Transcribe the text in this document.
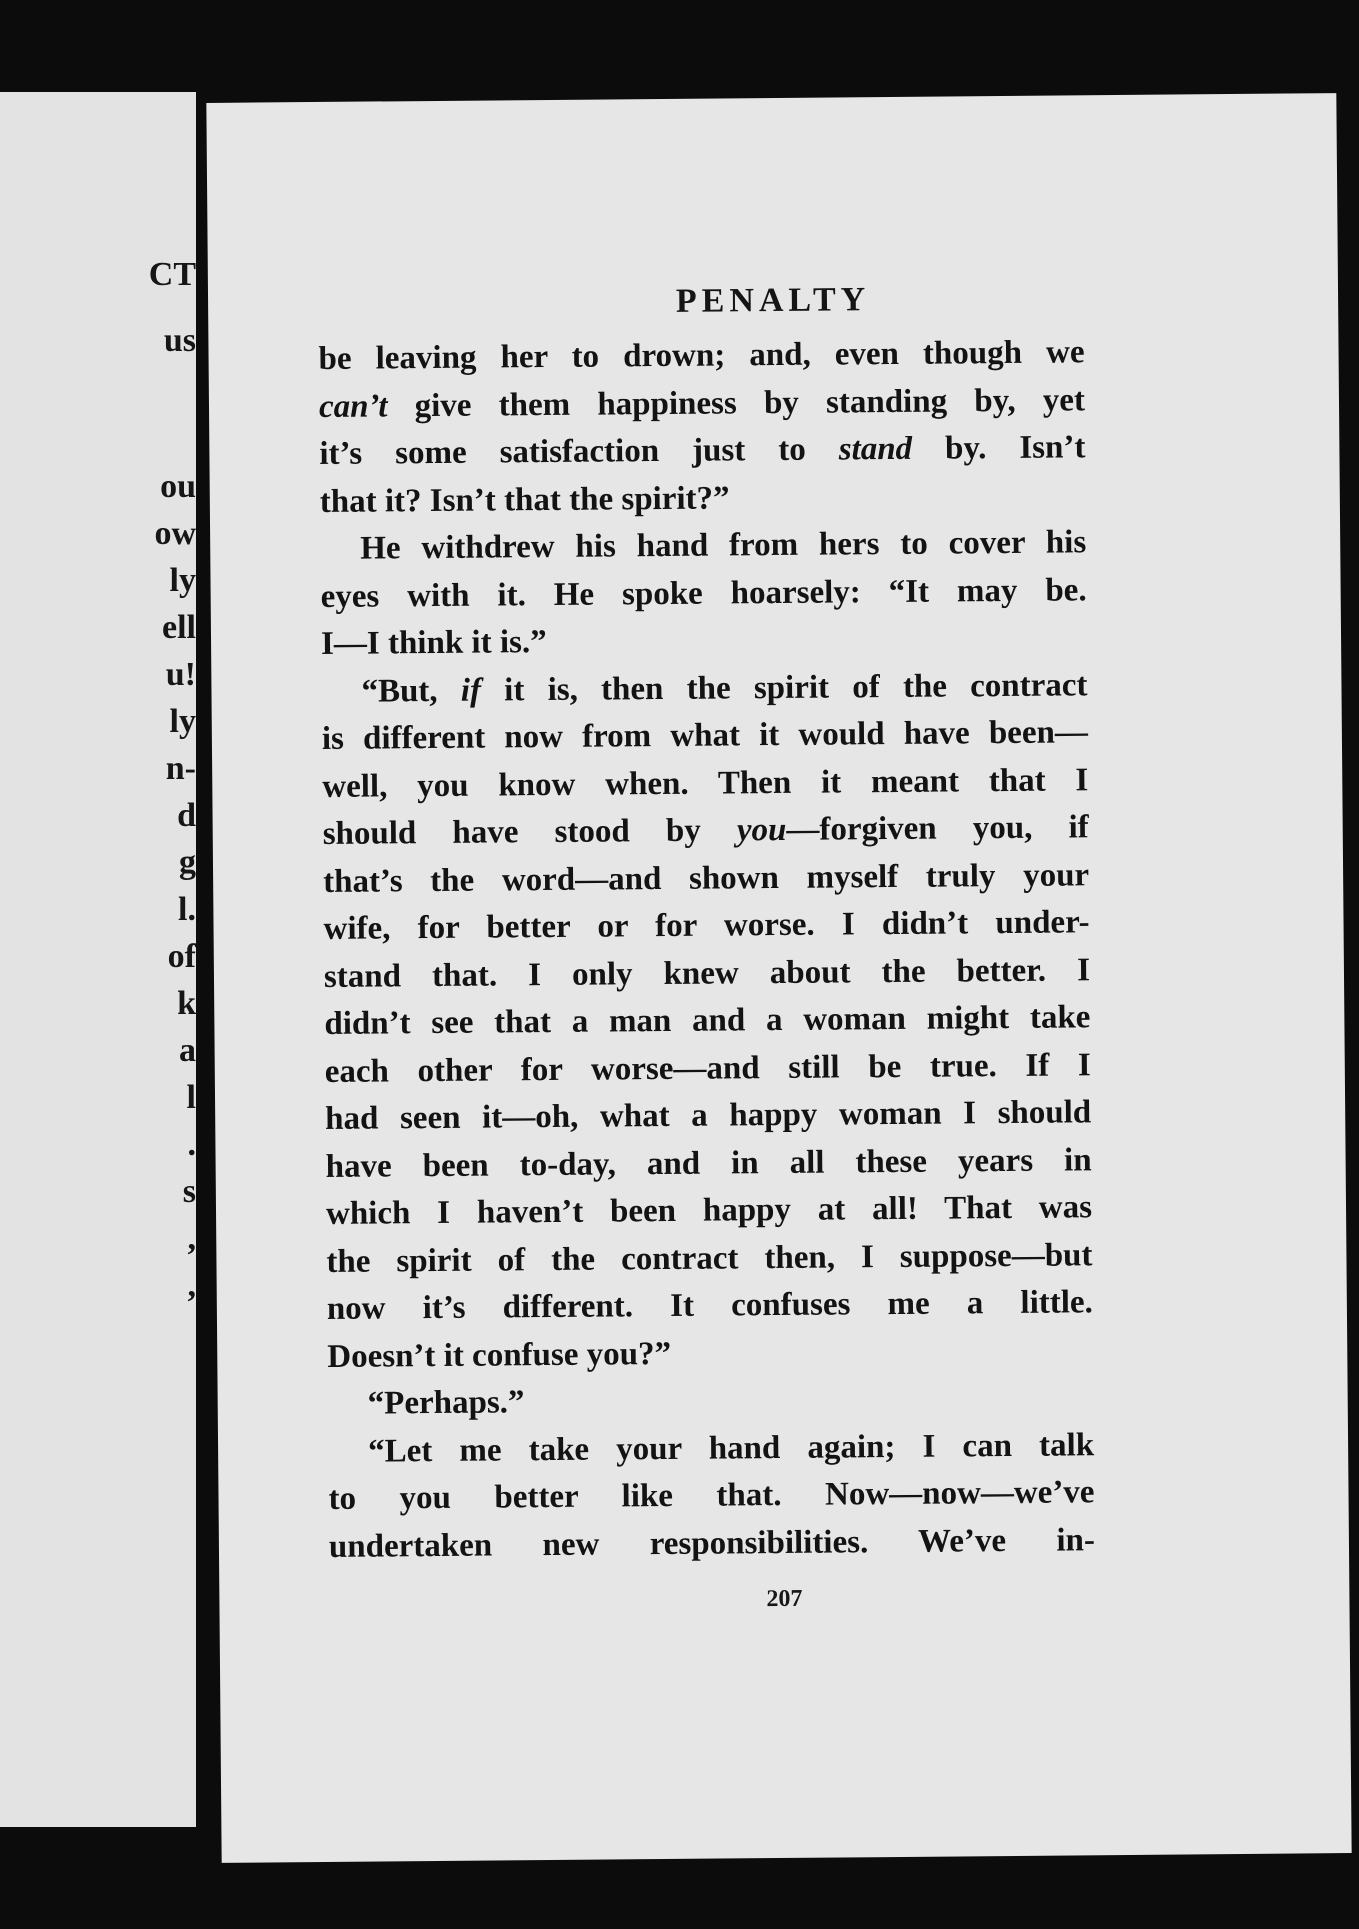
CT
us
ou
ow
ly
ell
u!
ly
n-
d
g
l.
of
k
a
l
.
s
,
,
PENALTY
be leaving her to drown; and, even though we
can’t give them happiness by standing by, yet
it’s some satisfaction just to stand by. Isn’t
that it? Isn’t that the spirit?”
He withdrew his hand from hers to cover his
eyes with it. He spoke hoarsely: “It may be.
I—I think it is.”
“But, if it is, then the spirit of the contract
is different now from what it would have been—
well, you know when. Then it meant that I
should have stood by you—forgiven you, if
that’s the word—and shown myself truly your
wife, for better or for worse. I didn’t under-
stand that. I only knew about the better. I
didn’t see that a man and a woman might take
each other for worse—and still be true. If I
had seen it—oh, what a happy woman I should
have been to-day, and in all these years in
which I haven’t been happy at all! That was
the spirit of the contract then, I suppose—but
now it’s different. It confuses me a little.
Doesn’t it confuse you?”
“Perhaps.”
“Let me take your hand again; I can talk
to you better like that. Now—now—we’ve
undertaken new responsibilities. We’ve in-
207
